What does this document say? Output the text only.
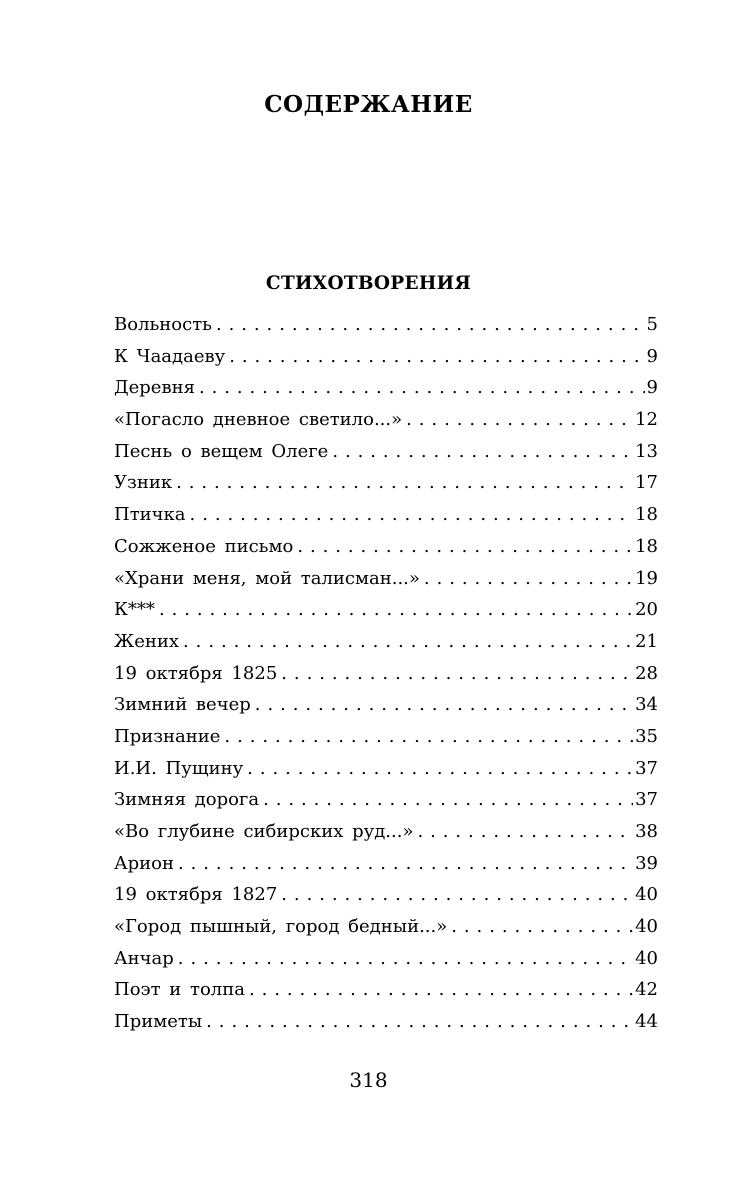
СОДЕРЖАНИЕ
СТИХОТВОРЕНИЯ
Вольность . . .	5
К Чаадаеву . . .	9
Деревня . . .	9
«Погасло дневное светило...» . . .	12
Песнь о вещем Олеге . . .	13
Узник . . .	17
Птичка . . .	18
Сожженое письмо . . .	18
«Храни меня, мой талисман...» . . .	19
К*** . . .	20
Жених . . .	21
19 октября 1825 . . .	28
Зимний вечер . . .	34
Признание . . .	35
И.И. Пущину . . .	37
Зимняя дорога . . .	37
«Во глубине сибирских руд...» . . .	38
Арион . . .	39
19 октября 1827 . . .	40
«Город пышный, город бедный...» . . .	40
Анчар . . .	40
Поэт и толпа . . .	42
Приметы . . .	44
318
